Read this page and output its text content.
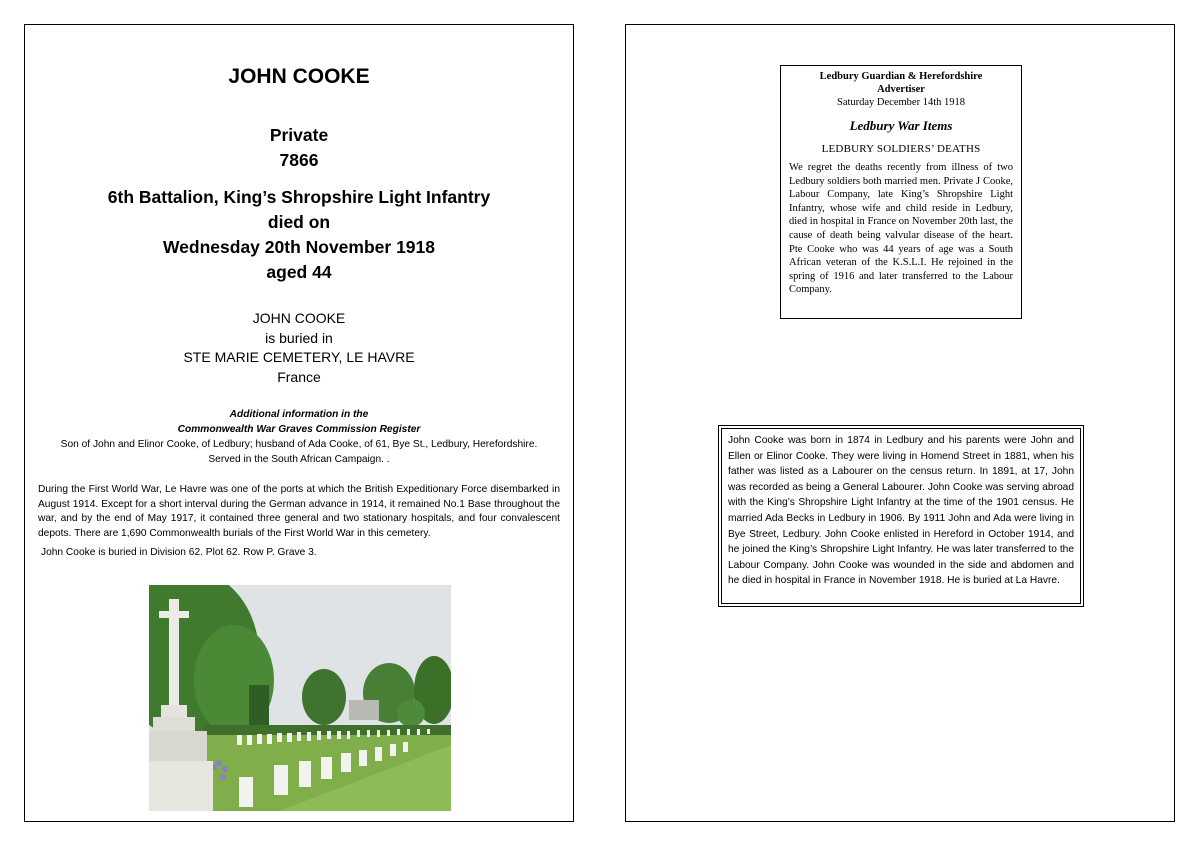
JOHN COOKE
Private
7866
6th Battalion, King’s Shropshire Light Infantry
died on
Wednesday 20th November 1918
aged 44
JOHN COOKE
is buried in
STE MARIE CEMETERY, LE HAVRE
France
Additional information in the
Commonwealth War Graves Commission Register
Son of John and Elinor Cooke, of Ledbury; husband of Ada Cooke, of 61, Bye St., Ledbury, Herefordshire.
Served in the South African Campaign. .
During the First World War, Le Havre was one of the ports at which the British Expeditionary Force disembarked in August 1914. Except for a short interval during the German advance in 1914, it remained No.1 Base throughout the war, and by the end of May 1917, it contained three general and two stationary hospitals, and four convalescent depots. There are 1,690 Commonwealth burials of the First World War in this cemetery.
John Cooke is buried in Division 62. Plot 62. Row P. Grave 3.
Ledbury Guardian & Herefordshire
Advertiser
Saturday December 14th 1918
Ledbury War Items
LEDBURY SOLDIERS’ DEATHS
We regret the deaths recently from illness of two Ledbury soldiers both married men. Private J Cooke, Labour Company, late King’s Shropshire Light Infantry, whose wife and child reside in Ledbury, died in hospital in France on November 20th last, the cause of death being valvular disease of the heart. Pte Cooke who was 44 years of age was a South African veteran of the K.S.L.I. He rejoined in the spring of 1916 and later transferred to the Labour Company.
John Cooke was born in 1874 in Ledbury and his parents were John and Ellen or Elinor Cooke. They were living in Homend Street in 1881, when his father was listed as a Labourer on the census return. In 1891, at 17, John was recorded as being a General Labourer. John Cooke was serving abroad with the King’s Shropshire Light Infantry at the time of the 1901 census. He married Ada Becks in Ledbury in 1906. By 1911 John and Ada were living in Bye Street, Ledbury. John Cooke enlisted in Hereford in October 1914, and he joined the King’s Shropshire Light Infantry. He was later transferred to the Labour Company. John Cooke was wounded in the side and abdomen and he died in hospital in France in November 1918. He is buried at La Havre.
